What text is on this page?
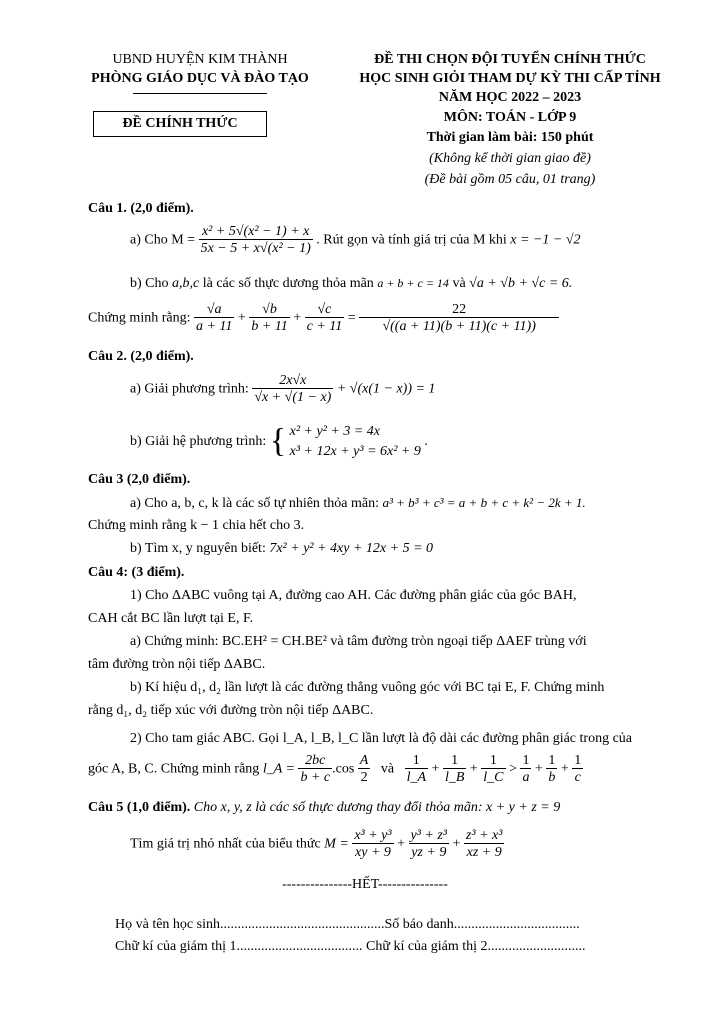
UBND HUYỆN KIM THÀNH
PHÒNG GIÁO DỤC VÀ ĐÀO TẠO
ĐỀ CHÍNH THỨC
ĐỀ THI CHỌN ĐỘI TUYỂN CHÍNH THỨC
HỌC SINH GIỎI THAM DỰ KỲ THI CẤP TỈNH
NĂM HỌC 2022 – 2023
MÔN: TOÁN - LỚP 9
Thời gian làm bài: 150 phút
(Không kể thời gian giao đề)
(Đề bài gồm 05 câu, 01 trang)
Câu 1. (2,0 điểm).
a) Cho $M = \frac{\text{x² + 5√(x² − 1) + x}}{\text{5x − 5 + x√(x² − 1)}}$ . Rút gọn và tính giá trị của M khi x = −1 − √2
b) Cho a,b,c là các số thực dương thỏa mãn a + b + c = 14 và √a + √b + √c = 6.
Chứng minh rằng: $\frac{√a}{a + 11} + \frac{√b}{b + 11} + \frac{√c}{c + 11} = \frac{22}{√((a + 11)(b + 11)(c + 11))}$
Câu 2. (2,0 điểm).
a) Giải phương trình: $\frac{2x√x}{√x + √(1 - x)} + √(x(1 - x)) = 1$
b) Giải hệ phương trình: { x² + y² + 3 = 4x
x³ + 12x + y³ = 6x² + 9
.
Câu 3 (2,0 điểm).
a) Cho a, b, c, k là các số tự nhiên thỏa mãn: a³ + b³ + c³ = a + b + c + k² − 2k + 1.
Chứng minh rằng k − 1 chia hết cho 3.
b) Tìm x, y nguyên biết: 7x² + y² + 4xy + 12x + 5 = 0
Câu 4: (3 điểm).
1) Cho ΔABC vuông tại A, đường cao AH. Các đường phân giác của góc BAH,
CAH cắt BC lần lượt tại E, F.
a) Chứng minh: BC.EH² = CH.BE² và tâm đường tròn ngoại tiếp ΔAEF trùng với
tâm đường tròn nội tiếp ΔABC.
b) Kí hiệu d₁, d₂ lần lượt là các đường thẳng vuông góc với BC tại E, F. Chứng minh
rằng d₁, d₂ tiếp xúc với đường tròn nội tiếp ΔABC.
2) Cho tam giác ABC. Gọi l_A, l_B, l_C lần lượt là độ dài các đường phân giác trong của
góc A, B, C. Chứng minh rằng l_A = $\frac{2bc}{b + c} .\cos \frac{A}{2}$ và $\frac{1}{l\_A} + \frac{1}{l\_B} + \frac{1}{l\_C} > \frac{1}{a} + \frac{1}{b} + \frac{1}{c}$
Câu 5 (1,0 điểm). Cho x, y, z là các số thực dương thay đổi thỏa mãn: x + y + z = 9
Tìm giá trị nhỏ nhất của biểu thức $M = \frac{\text{x³ + y³}}{xy + 9} + \frac{\text{y³ + z³}}{yz + 9} + \frac{\text{z³ + x³}}{xz + 9}$
---------------HẾT---------------
Họ và tên học sinh...............................................Số báo danh....................................
Chữ kí của giám thị 1.................................... Chữ kí của giám thị 2............................
